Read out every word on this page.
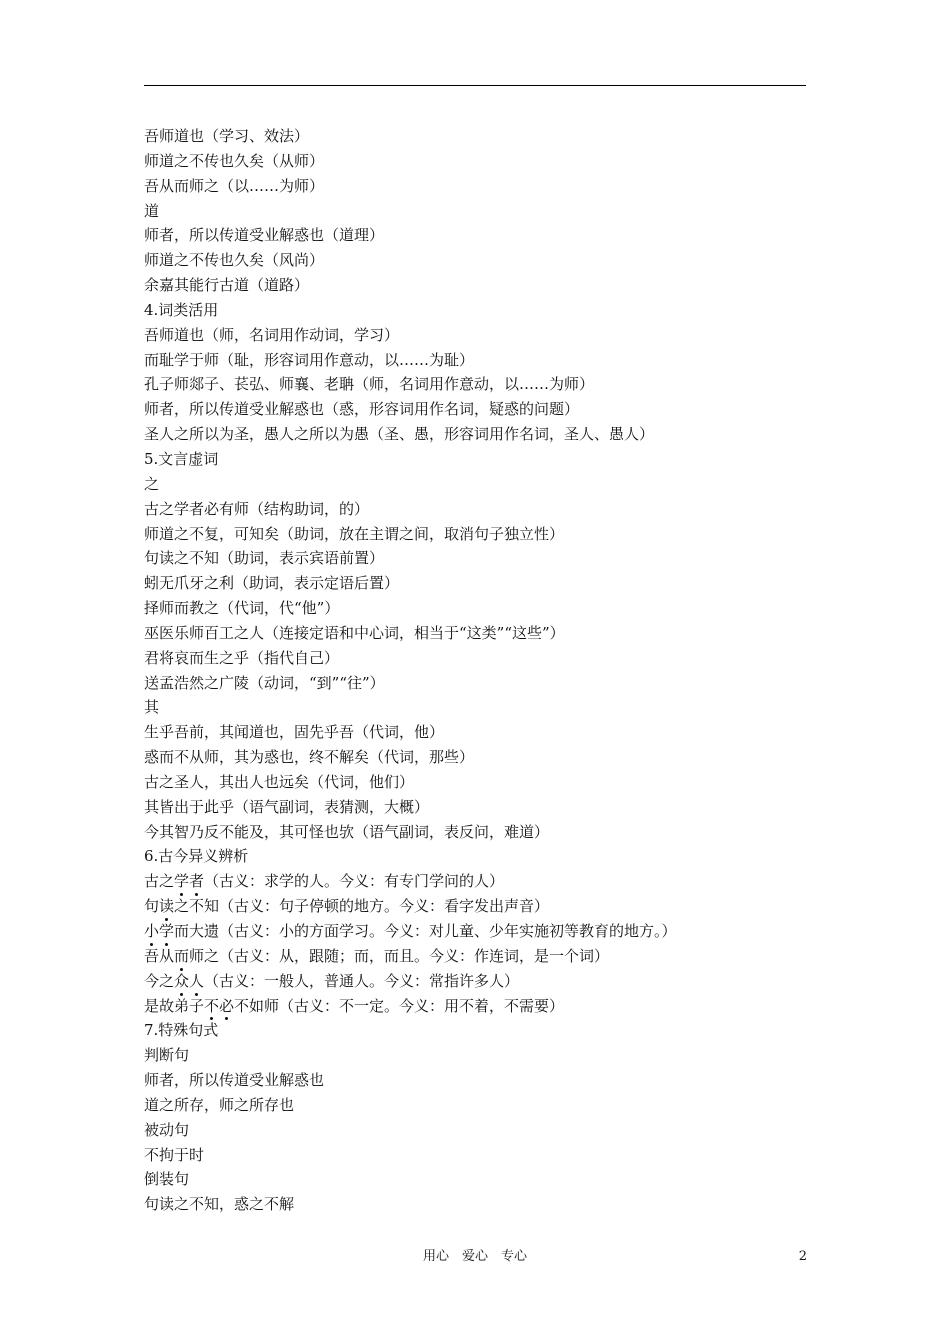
吾师道也（学习、效法）
师道之不传也久矣（从师）
吾从而师之（以……为师）
道
师者，所以传道受业解惑也（道理）
师道之不传也久矣（风尚）
余嘉其能行古道（道路）
4.词类活用
吾师道也（师，名词用作动词，学习）
而耻学于师（耻，形容词用作意动，以……为耻）
孔子师郯子、苌弘、师襄、老聃（师，名词用作意动，以……为师）
师者，所以传道受业解惑也（惑，形容词用作名词，疑惑的问题）
圣人之所以为圣，愚人之所以为愚（圣、愚，形容词用作名词，圣人、愚人）
5.文言虚词
之
古之学者必有师（结构助词，的）
师道之不复，可知矣（助词，放在主谓之间，取消句子独立性）
句读之不知（助词，表示宾语前置）
蚓无爪牙之利（助词，表示定语后置）
择师而教之（代词，代“他”）
巫医乐师百工之人（连接定语和中心词，相当于“这类”“这些”）
君将哀而生之乎（指代自己）
送孟浩然之广陵（动词，“到”“往”）
其
生乎吾前，其闻道也，固先乎吾（代词，他）
惑而不从师，其为惑也，终不解矣（代词，那些）
古之圣人，其出人也远矣（代词，他们）
其皆出于此乎（语气副词，表猜测，大概）
今其智乃反不能及，其可怪也欤（语气副词，表反问，难道）
6.古今异义辨析
古之学者（古义：求学的人。今义：有专门学问的人）
句读之不知（古义：句子停顿的地方。今义：看字发出声音）
小学而大遗（古义：小的方面学习。今义：对儿童、少年实施初等教育的地方。）
吾从而师之（古义：从，跟随；而，而且。今义：作连词，是一个词）
今之众人（古义：一般人，普通人。今义：常指许多人）
是故弟子不必不如师（古义：不一定。今义：用不着，不需要）
7.特殊句式
判断句
师者，所以传道受业解惑也
道之所存，师之所存也
被动句
不拘于时
倒装句
句读之不知，惑之不解
用心　爱心　专心	2
